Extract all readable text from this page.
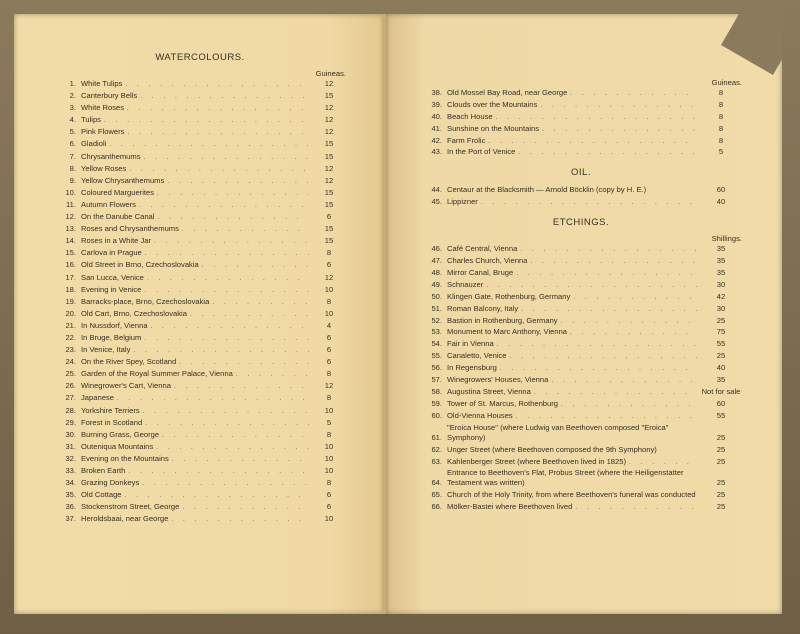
WATERCOLOURS.
Guineas.
1. White Tulips . . .	12
2. Canterbury Bells . . .	15
3. White Roses . . .	12
4. Tulips . . .	12
5. Pink Flowers . . .	12
6. Gladioli . . .	15
7. Chrysanthemums . . .	15
8. Yellow Roses . . .	12
9. Yellow Chrysanthemums . . .	12
10. Coloured Marguerites . . .	15
11. Autumn Flowers . . .	15
12. On the Danube Canal . . .	6
13. Roses and Chrysanthemums . . .	15
14. Roses in a White Jar . . .	15
15. Carlova in Prague . . .	8
16. Old Street in Brno, Czechoslovakia . . .	6
17. San Lucca, Venice . . .	12
18. Evening in Venice . . .	10
19. Barracks-place, Brno, Czechoslovakia . . .	8
20. Old Cart, Brno, Czechoslovakia . . .	10
21. In Nussdorf, Vienna . . .	4
22. In Bruge, Belgium . . .	6
23. In Venice, Italy . . .	6
24. On the River Spey, Scotland . . .	6
25. Garden of the Royal Summer Palace, Vienna . . .	8
26. Winegrower's Cart, Vienna . . .	12
27. Japanese . . .	8
28. Yorkshire Terriers . . .	10
29. Forest in Scotland . . .	5
30. Burning Grass, George . . .	8
31. Outeniqua Mountains . . .	10
32. Evening on the Mountains . . .	10
33. Broken Earth . . .	10
34. Grazing Donkeys . . .	8
35. Old Cottage . . .	6
36. Stockenstrom Street, George . . .	6
37. Heroldsbaai, near George . . .	10
Guineas.
38. Old Mossel Bay Road, near George . . .	8
39. Clouds over the Mountains . . .	8
40. Beach House . . .	8
41. Sunshine on the Mountains . . .	8
42. Farm Frolic . . .	8
43. In the Port of Venice . . .	5
OIL.
44. Centaur at the Blacksmith — Arnold Böcklin (copy by H. E.)	60
45. Lippizner . . .	40
ETCHINGS.
Shillings.
46. Café Central, Vienna . . .	35
47. Charles Church, Vienna . . .	35
48. Mirror Canal, Bruge . . .	35
49. Schnauzer . . .	30
50. Klingen Gate, Rothenburg, Germany . . .	42
51. Roman Balcony, Italy . . .	30
52. Bastion in Rothenburg, Germany . . .	25
53. Monument to Marc Anthony, Vienna . . .	75
54. Fair in Vienna . . .	55
55. Canaletto, Venice . . .	25
56. In Regensburg . . .	40
57. Winegrowers' Houses, Vienna . . .	35
58. Augustina Street, Vienna . . .	Not for sale
59. Tower of St. Marcus, Rothenburg . . .	60
60. Old-Vienna Houses . . .	55
61.
"Eroica House" (where Ludwig van Beethoven composed "Eroica" Symphony)	25
62. Unger Street (where Beethoven composed the 9th Symphony)	25
63. Kahlenberger Street (where Beethoven lived in 1825) . . .	25
64.
Entrance to Beethoven's Flat, Probus Street (where the Heiligenstatter Testament was written)	25
65. Church of the Holy Trinity, from where Beethoven's funeral was conducted	25
66. Mölker-Bastei where Beethoven lived . . .	25
